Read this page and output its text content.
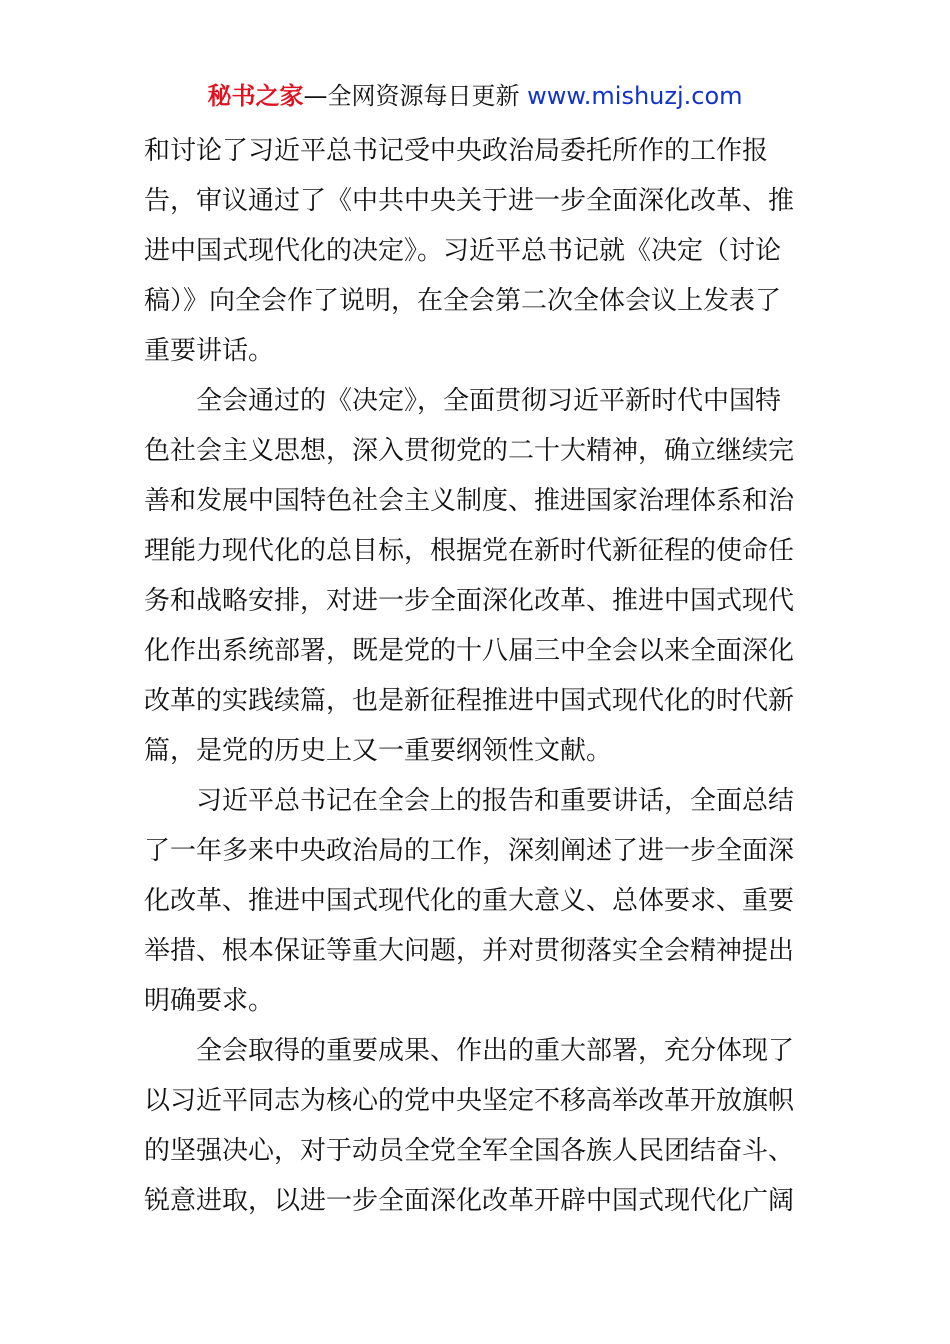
秘书之家—全网资源每日更新 www.mishuzj.com
和讨论了习近平总书记受中央政治局委托所作的工作报
告，审议通过了《中共中央关于进一步全面深化改革、推
进中国式现代化的决定》。习近平总书记就《决定（讨论
稿）》向全会作了说明，在全会第二次全体会议上发表了
重要讲话。
全会通过的《决定》，全面贯彻习近平新时代中国特
色社会主义思想，深入贯彻党的二十大精神，确立继续完
善和发展中国特色社会主义制度、推进国家治理体系和治
理能力现代化的总目标，根据党在新时代新征程的使命任
务和战略安排，对进一步全面深化改革、推进中国式现代
化作出系统部署，既是党的十八届三中全会以来全面深化
改革的实践续篇，也是新征程推进中国式现代化的时代新
篇，是党的历史上又一重要纲领性文献。
习近平总书记在全会上的报告和重要讲话，全面总结
了一年多来中央政治局的工作，深刻阐述了进一步全面深
化改革、推进中国式现代化的重大意义、总体要求、重要
举措、根本保证等重大问题，并对贯彻落实全会精神提出
明确要求。
全会取得的重要成果、作出的重大部署，充分体现了
以习近平同志为核心的党中央坚定不移高举改革开放旗帜
的坚强决心，对于动员全党全军全国各族人民团结奋斗、
锐意进取，以进一步全面深化改革开辟中国式现代化广阔
